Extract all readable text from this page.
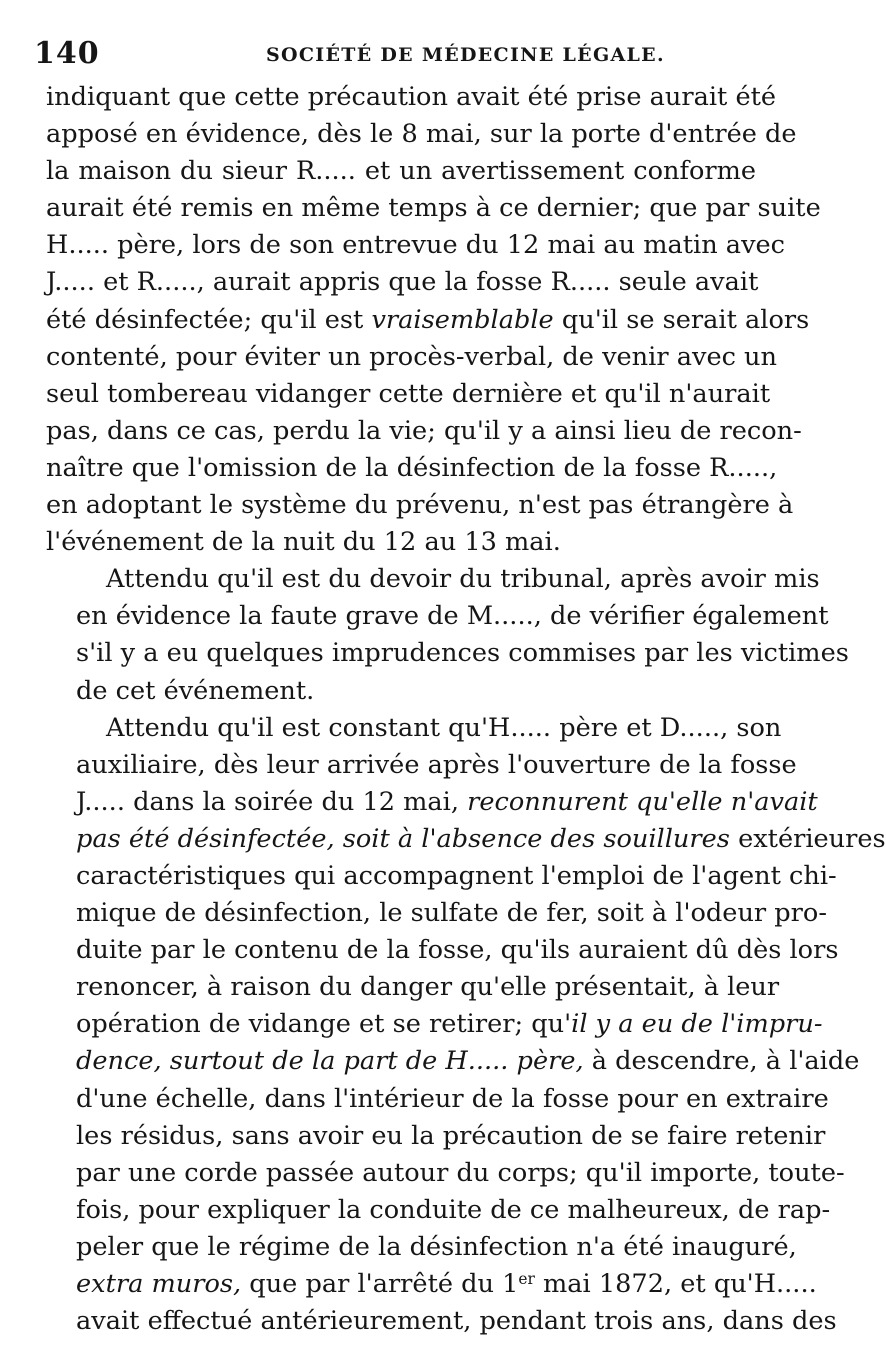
140	SOCIÉTÉ DE MÉDECINE LÉGALE.

indiquant que cette précaution avait été prise aurait été
apposé en évidence, dès le 8 mai, sur la porte d'entrée de
la maison du sieur R..... et un avertissement conforme
aurait été remis en même temps à ce dernier; que par suite
H..... père, lors de son entrevue du 12 mai au matin avec
J..... et R....., aurait appris que la fosse R..... seule avait
été désinfectée; qu'il est vraisemblable qu'il se serait alors
contenté, pour éviter un procès-verbal, de venir avec un
seul tombereau vidanger cette dernière et qu'il n'aurait
pas, dans ce cas, perdu la vie; qu'il y a ainsi lieu de recon-
naître que l'omission de la désinfection de la fosse R.....,
en adoptant le système du prévenu, n'est pas étrangère à
l'événement de la nuit du 12 au 13 mai.

Attendu qu'il est du devoir du tribunal, après avoir mis
en évidence la faute grave de M....., de vérifier également
s'il y a eu quelques imprudences commises par les victimes
de cet événement.

Attendu qu'il est constant qu'H..... père et D....., son
auxiliaire, dès leur arrivée après l'ouverture de la fosse
J..... dans la soirée du 12 mai, reconnurent qu'elle n'avait
pas été désinfectée, soit à l'absence des souillures extérieures
caractéristiques qui accompagnent l'emploi de l'agent chi-
mique de désinfection, le sulfate de fer, soit à l'odeur pro-
duite par le contenu de la fosse, qu'ils auraient dû dès lors
renoncer, à raison du danger qu'elle présentait, à leur
opération de vidange et se retirer; qu'il y a eu de l'impru-
dence, surtout de la part de H..... père, à descendre, à l'aide
d'une échelle, dans l'intérieur de la fosse pour en extraire
les résidus, sans avoir eu la précaution de se faire retenir
par une corde passée autour du corps; qu'il importe, toute-
fois, pour expliquer la conduite de ce malheureux, de rap-
peler que le régime de la désinfection n'a été inauguré,
extra muros, que par l'arrêté du 1er mai 1872, et qu'H.....
avait effectué antérieurement, pendant trois ans, dans des
